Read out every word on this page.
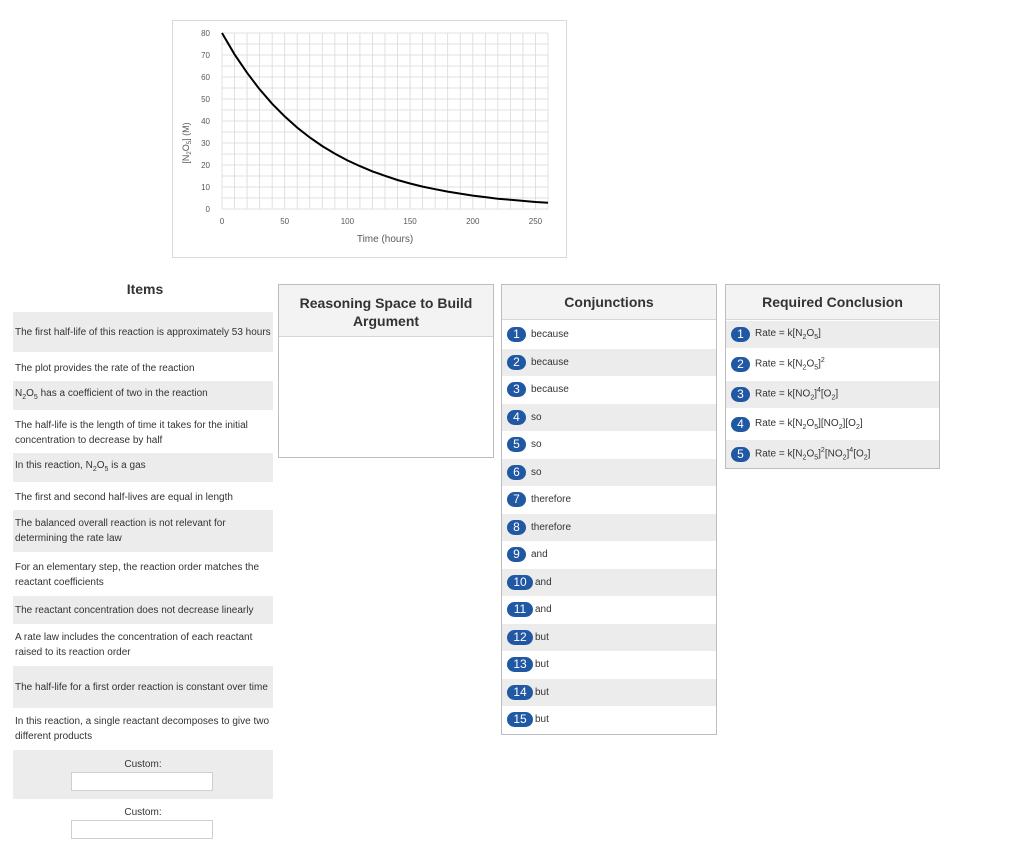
0
10
20
30
40
50
60
70
80
0	50	100	150	200	250
$[N_2O_5]$ (M)
Time (hours)
Items
The first half-life of this reaction is approximately 53 hours
The plot provides the rate of the reaction
$N_2O_5$ has a coefficient of two in the reaction
The half-life is the length of time it takes for the initial concentration to decrease by half
In this reaction, $N_2O_5$ is a gas
The first and second half-lives are equal in length
The balanced overall reaction is not relevant for determining the rate law
For an elementary step, the reaction order matches the reactant coefficients
The reactant concentration does not decrease linearly
A rate law includes the concentration of each reactant raised to its reaction order
The half-life for a first order reaction is constant over time
In this reaction, a single reactant decomposes to give two different products
Custom:
Custom:
Reasoning Space to Build Argument
Conjunctions
1	because
2	because
3	because
4	so
5	so
6	so
7	therefore
8	therefore
9	and
10 and
11 and
12 but
13 but
14 but
15 but
Required Conclusion
1	Rate = $k[N_2O_5]$
2	Rate = $k[N_2O_5]^2$
3	Rate = $k[NO_2]^4[O_2]$
4	Rate = $k[N_2O_5][NO_2][O_2]$
5	Rate = $k[N_2O_5]^2[NO_2]^4[O_2]$
